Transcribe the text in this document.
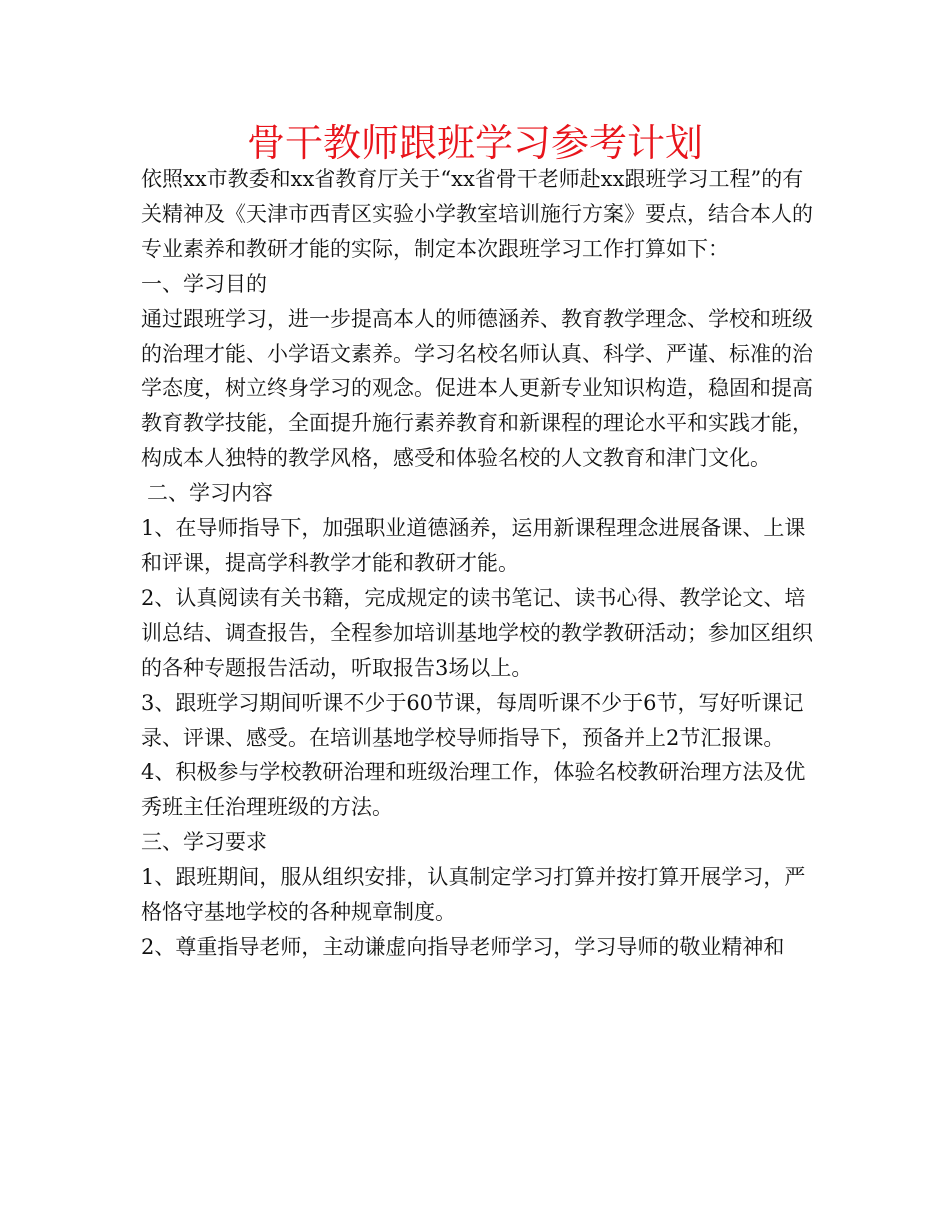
骨干教师跟班学习参考计划

依照xx市教委和xx省教育厅关于“xx省骨干老师赴xx跟班学习工程”的有关精神及《天津市西青区实验小学教室培训施行方案》要点，结合本人的专业素养和教研才能的实际，制定本次跟班学习工作打算如下：

一、学习目的

通过跟班学习，进一步提高本人的师德涵养、教育教学理念、学校和班级的治理才能、小学语文素养。学习名校名师认真、科学、严谨、标准的治学态度，树立终身学习的观念。促进本人更新专业知识构造，稳固和提高教育教学技能，全面提升施行素养教育和新课程的理论水平和实践才能，构成本人独特的教学风格，感受和体验名校的人文教育和津门文化。

二、学习内容

1、在导师指导下，加强职业道德涵养，运用新课程理念进展备课、上课和评课，提高学科教学才能和教研才能。

2、认真阅读有关书籍，完成规定的读书笔记、读书心得、教学论文、培训总结、调查报告，全程参加培训基地学校的教学教研活动；参加区组织的各种专题报告活动，听取报告3场以上。

3、跟班学习期间听课不少于60节课，每周听课不少于6节，写好听课记录、评课、感受。在培训基地学校导师指导下，预备并上2节汇报课。

4、积极参与学校教研治理和班级治理工作，体验名校教研治理方法及优秀班主任治理班级的方法。

三、学习要求

1、跟班期间，服从组织安排，认真制定学习打算并按打算开展学习，严格恪守基地学校的各种规章制度。

2、尊重指导老师，主动谦虚向指导老师学习，学习导师的敬业精神和
